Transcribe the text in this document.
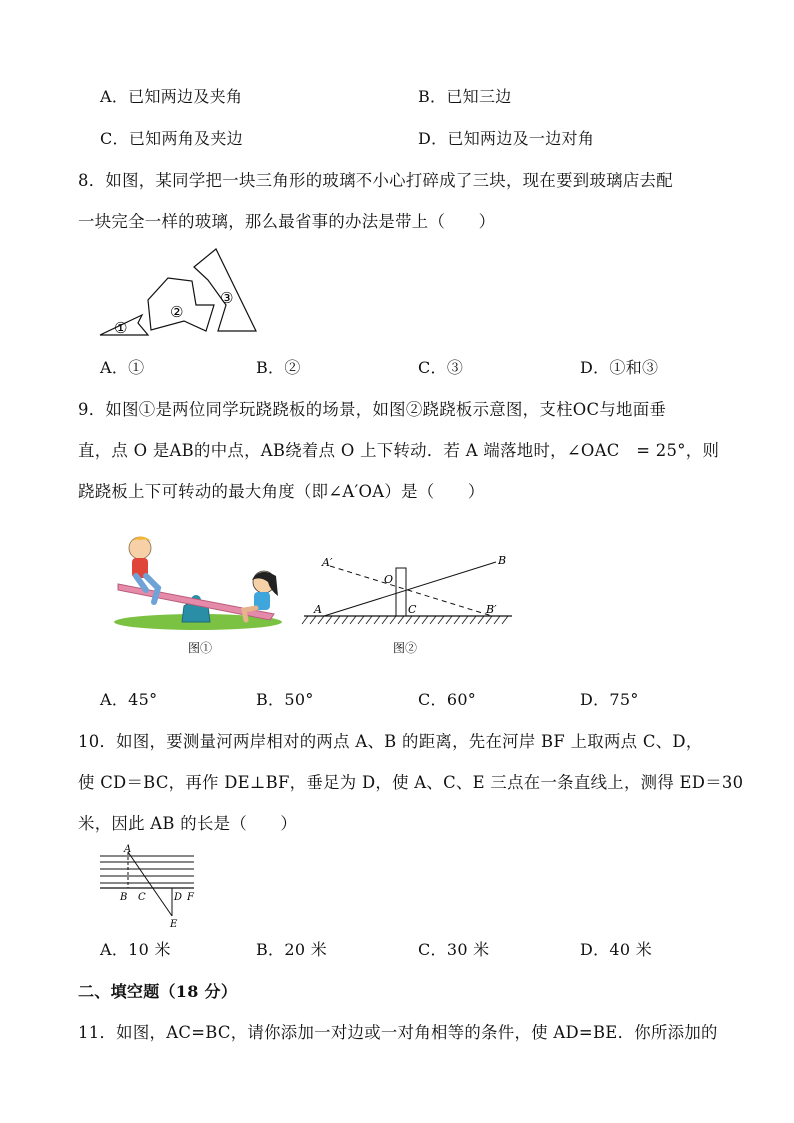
A．已知两边及夹角	B．已知三边
C．已知两角及夹边	D．已知两边及一边对角
8．如图，某同学把一块三角形的玻璃不小心打碎成了三块，现在要到玻璃店去配
一块完全一样的玻璃，那么最省事的办法是带上（　　）
①
②
③
A．①	B．②	C．③	D．①和③
9．如图①是两位同学玩跷跷板的场景，如图②跷跷板示意图，支柱OC与地面垂
直，点 O 是AB的中点，AB绕着点 O 上下转动．若 A 端落地时，∠OAC　= 25°，则
跷跷板上下可转动的最大角度（即∠A′OA）是（　　）
图①
A′	B
O
A	C	B′
图②
A．45°	B．50°	C．60°	D．75°
10．如图，要测量河两岸相对的两点 A、B 的距离，先在河岸 BF 上取两点 C、D，
使 CD＝BC，再作 DE⊥BF，垂足为 D，使 A、C、E 三点在一条直线上，测得 ED＝30
米，因此 AB 的长是（　　）
A
B C	D F
E
A．10 米	B．20 米	C．30 米	D．40 米
二、填空题（18 分）
11．如图，AC=BC，请你添加一对边或一对角相等的条件，使 AD=BE．你所添加的
